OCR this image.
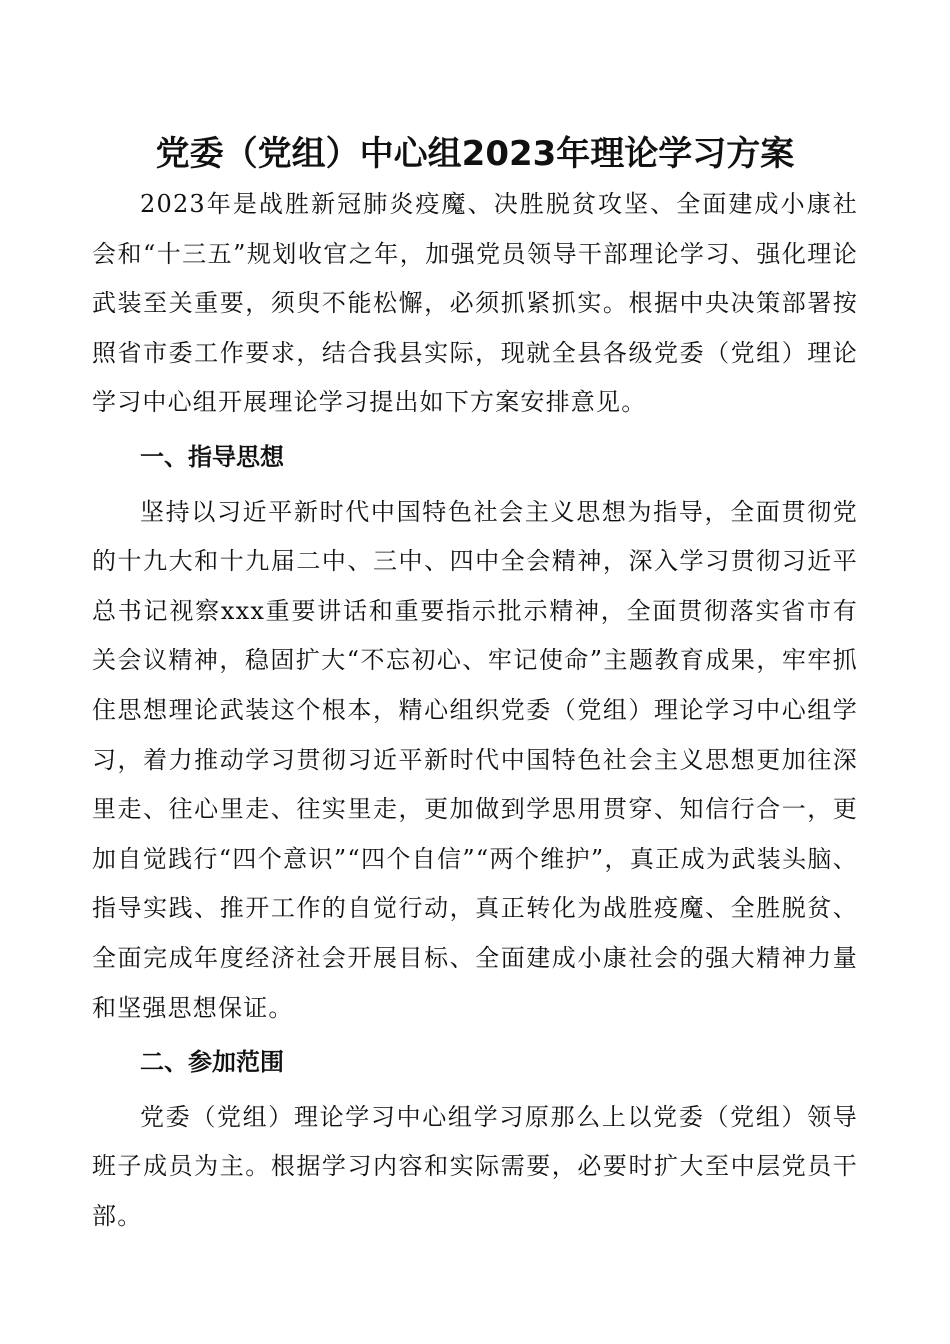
党委（党组）中心组2023年理论学习方案

2023年是战胜新冠肺炎疫魔、决胜脱贫攻坚、全面建成小康社会和“十三五”规划收官之年，加强党员领导干部理论学习、强化理论武装至关重要，须臾不能松懈，必须抓紧抓实。根据中央决策部署按照省市委工作要求，结合我县实际，现就全县各级党委（党组）理论学习中心组开展理论学习提出如下方案安排意见。

一、指导思想

坚持以习近平新时代中国特色社会主义思想为指导，全面贯彻党的十九大和十九届二中、三中、四中全会精神，深入学习贯彻习近平总书记视察xxx重要讲话和重要指示批示精神，全面贯彻落实省市有关会议精神，稳固扩大“不忘初心、牢记使命”主题教育成果，牢牢抓住思想理论武装这个根本，精心组织党委（党组）理论学习中心组学习，着力推动学习贯彻习近平新时代中国特色社会主义思想更加往深里走、往心里走、往实里走，更加做到学思用贯穿、知信行合一，更加自觉践行“四个意识”“四个自信”“两个维护”，真正成为武装头脑、指导实践、推开工作的自觉行动，真正转化为战胜疫魔、全胜脱贫、全面完成年度经济社会开展目标、全面建成小康社会的强大精神力量和坚强思想保证。

二、参加范围

党委（党组）理论学习中心组学习原那么上以党委（党组）领导班子成员为主。根据学习内容和实际需要，必要时扩大至中层党员干部。
